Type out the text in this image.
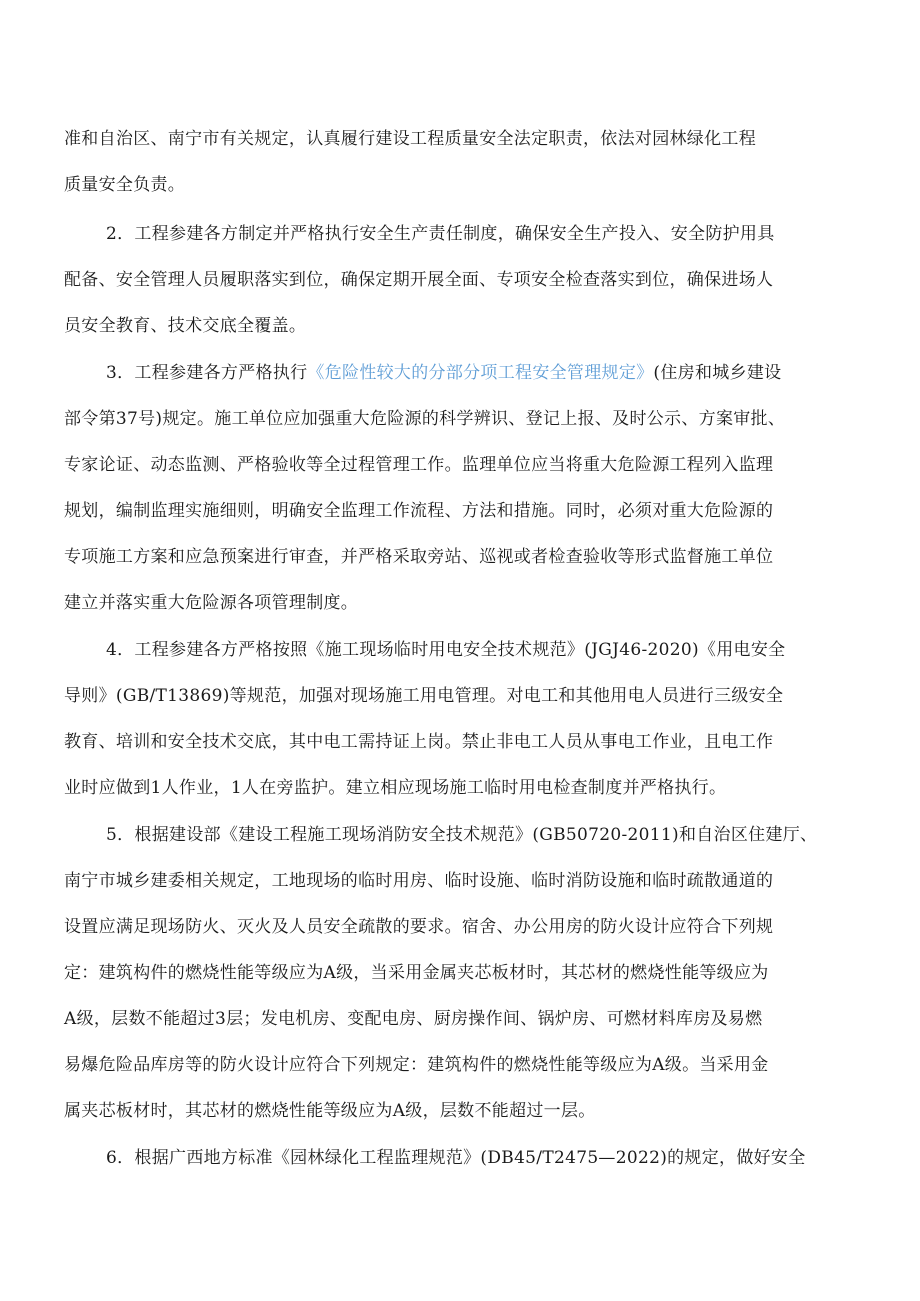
准和自治区、南宁市有关规定，认真履行建设工程质量安全法定职责，依法对园林绿化工程
质量安全负责。
2．工程参建各方制定并严格执行安全生产责任制度，确保安全生产投入、安全防护用具
配备、安全管理人员履职落实到位，确保定期开展全面、专项安全检查落实到位，确保进场人
员安全教育、技术交底全覆盖。
3．工程参建各方严格执行《危险性较大的分部分项工程安全管理规定》(住房和城乡建设
部令第37号)规定。施工单位应加强重大危险源的科学辨识、登记上报、及时公示、方案审批、
专家论证、动态监测、严格验收等全过程管理工作。监理单位应当将重大危险源工程列入监理
规划，编制监理实施细则，明确安全监理工作流程、方法和措施。同时，必须对重大危险源的
专项施工方案和应急预案进行审查，并严格采取旁站、巡视或者检查验收等形式监督施工单位
建立并落实重大危险源各项管理制度。
4．工程参建各方严格按照《施工现场临时用电安全技术规范》(JGJ46-2020)《用电安全
导则》(GB/T13869)等规范，加强对现场施工用电管理。对电工和其他用电人员进行三级安全
教育、培训和安全技术交底，其中电工需持证上岗。禁止非电工人员从事电工作业，且电工作
业时应做到1人作业，1人在旁监护。建立相应现场施工临时用电检查制度并严格执行。
5．根据建设部《建设工程施工现场消防安全技术规范》(GB50720-2011)和自治区住建厅、
南宁市城乡建委相关规定，工地现场的临时用房、临时设施、临时消防设施和临时疏散通道的
设置应满足现场防火、灭火及人员安全疏散的要求。宿舍、办公用房的防火设计应符合下列规
定：建筑构件的燃烧性能等级应为A级，当采用金属夹芯板材时，其芯材的燃烧性能等级应为
A级，层数不能超过3层；发电机房、变配电房、厨房操作间、锅炉房、可燃材料库房及易燃
易爆危险品库房等的防火设计应符合下列规定：建筑构件的燃烧性能等级应为A级。当采用金
属夹芯板材时，其芯材的燃烧性能等级应为A级，层数不能超过一层。
6．根据广西地方标准《园林绿化工程监理规范》(DB45/T2475—2022)的规定，做好安全
